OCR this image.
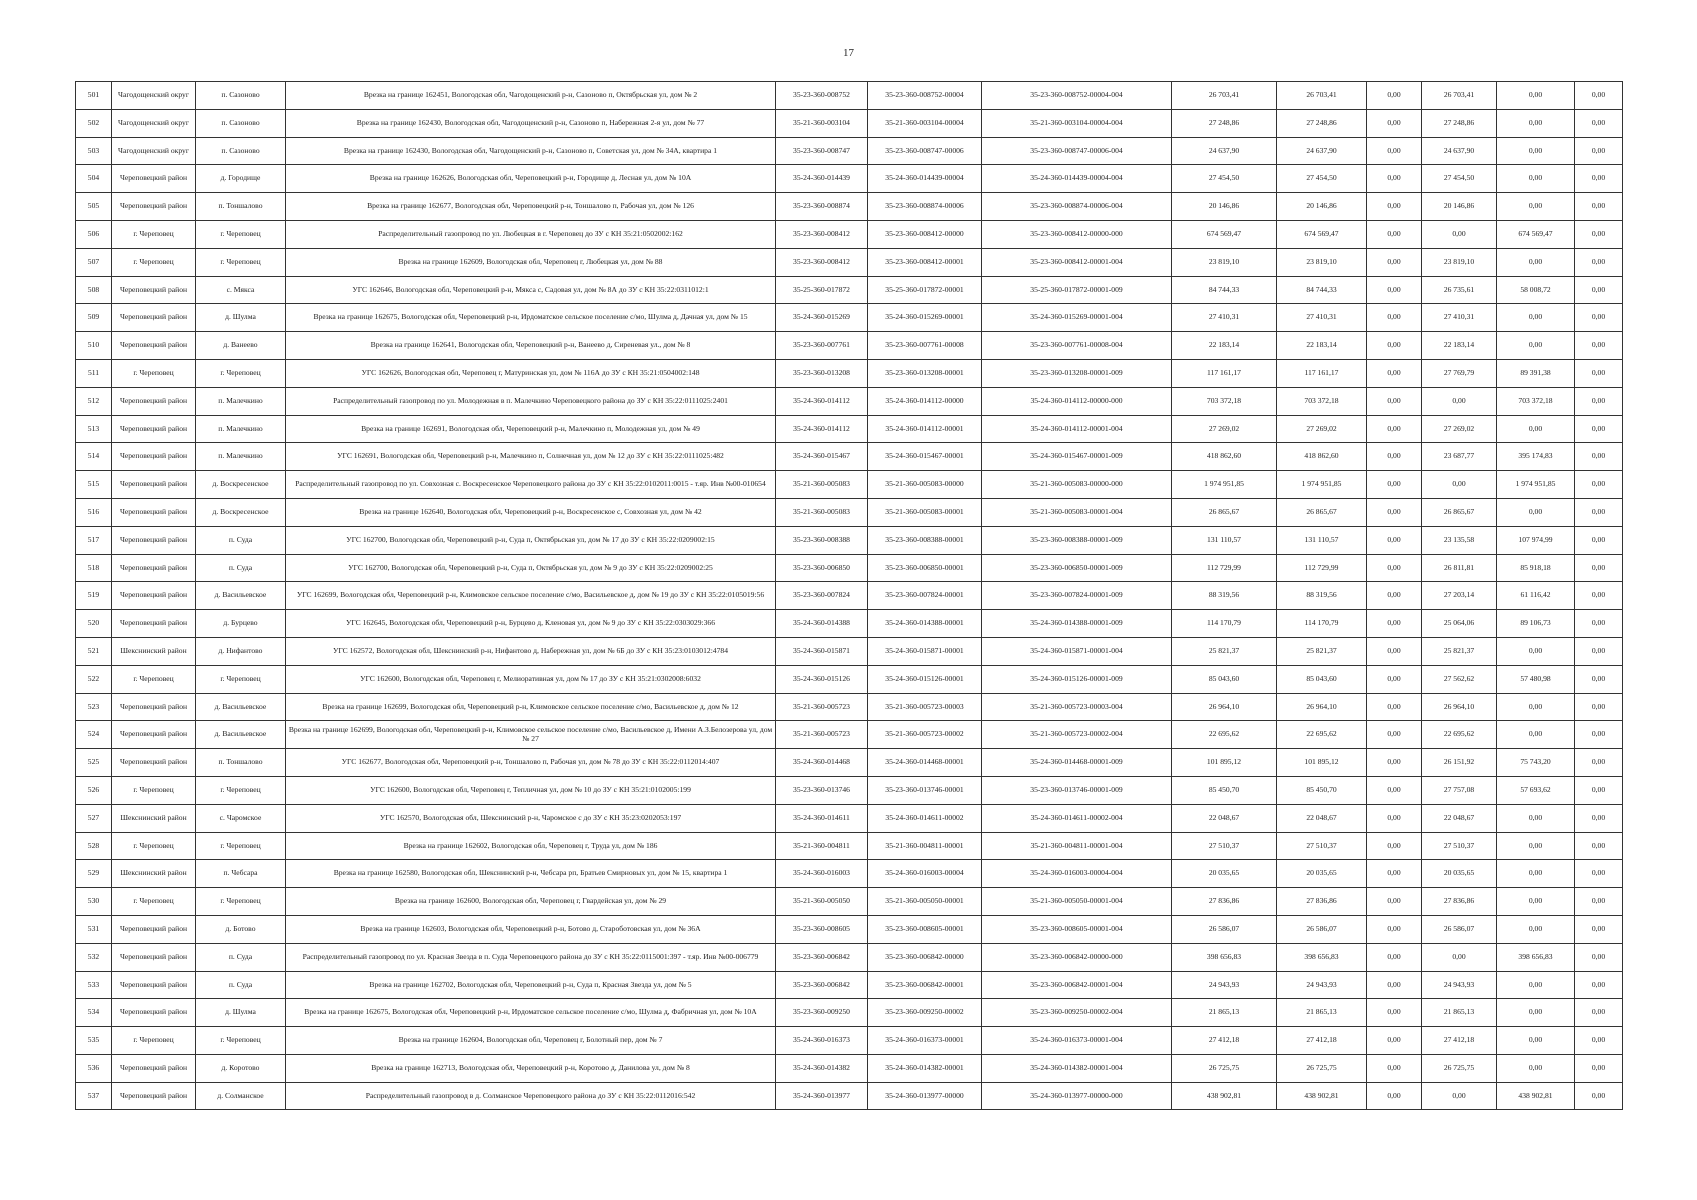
17
501	Чагодощенский округ	п. Сазоново	Врезка на границе 162451, Вологодская обл, Чагодощенский р-н, Сазоново п, Октябрьская ул, дом № 2	35-23-360-008752	35-23-360-008752-00004	35-23-360-008752-00004-004	26 703,41	26 703,41	0,00	26 703,41	0,00	0,00
502	Чагодощенский округ	п. Сазоново	Врезка на границе 162430, Вологодская обл, Чагодощенский р-н, Сазоново п, Набережная 2-я ул, дом № 77	35-21-360-003104	35-21-360-003104-00004	35-21-360-003104-00004-004	27 248,86	27 248,86	0,00	27 248,86	0,00	0,00
503	Чагодощенский округ	п. Сазоново	Врезка на границе 162430, Вологодская обл, Чагодощенский р-н, Сазоново п, Советская ул, дом № 34А, квартира 1	35-23-360-008747	35-23-360-008747-00006	35-23-360-008747-00006-004	24 637,90	24 637,90	0,00	24 637,90	0,00	0,00
504	Череповецкий район	д. Городище	Врезка на границе 162626, Вологодская обл, Череповецкий р-н, Городище д, Лесная ул, дом № 10А	35-24-360-014439	35-24-360-014439-00004	35-24-360-014439-00004-004	27 454,50	27 454,50	0,00	27 454,50	0,00	0,00
505	Череповецкий район	п. Тоншалово	Врезка на границе 162677, Вологодская обл, Череповецкий р-н, Тоншалово п, Рабочая ул, дом № 126	35-23-360-008874	35-23-360-008874-00006	35-23-360-008874-00006-004	20 146,86	20 146,86	0,00	20 146,86	0,00	0,00
506	г. Череповец	г. Череповец	Распределительный газопровод по ул. Любецкая в г. Череповец до ЗУ с КН 35:21:0502002:162	35-23-360-008412	35-23-360-008412-00000	35-23-360-008412-00000-000	674 569,47	674 569,47	0,00	0,00	674 569,47	0,00
507	г. Череповец	г. Череповец	Врезка на границе 162609, Вологодская обл, Череповец г, Любецкая ул, дом № 88	35-23-360-008412	35-23-360-008412-00001	35-23-360-008412-00001-004	23 819,10	23 819,10	0,00	23 819,10	0,00	0,00
508	Череповецкий район	с. Мякса	УГС 162646, Вологодская обл, Череповецкий р-н, Мякса с, Садовая ул, дом № 8А до ЗУ с КН 35:22:0311012:1	35-25-360-017872	35-25-360-017872-00001	35-25-360-017872-00001-009	84 744,33	84 744,33	0,00	26 735,61	58 008,72	0,00
509	Череповецкий район	д. Шулма	Врезка на границе 162675, Вологодская обл, Череповецкий р-н, Ирдоматское сельское поселение с/мо, Шулма д, Дачная ул, дом № 15	35-24-360-015269	35-24-360-015269-00001	35-24-360-015269-00001-004	27 410,31	27 410,31	0,00	27 410,31	0,00	0,00
510	Череповецкий район	д. Ванеево	Врезка на границе 162641, Вологодская обл, Череповецкий р-н, Ванеево д, Сиреневая ул., дом № 8	35-23-360-007761	35-23-360-007761-00008	35-23-360-007761-00008-004	22 183,14	22 183,14	0,00	22 183,14	0,00	0,00
511	г. Череповец	г. Череповец	УГС 162626, Вологодская обл, Череповец г, Матуринская ул, дом № 116А до ЗУ с КН 35:21:0504002:148	35-23-360-013208	35-23-360-013208-00001	35-23-360-013208-00001-009	117 161,17	117 161,17	0,00	27 769,79	89 391,38	0,00
512	Череповецкий район	п. Малечкино	Распределительный газопровод по ул. Молодежная в п. Малечкино Череповецкого района до ЗУ с КН 35:22:0111025:2401	35-24-360-014112	35-24-360-014112-00000	35-24-360-014112-00000-000	703 372,18	703 372,18	0,00	0,00	703 372,18	0,00
513	Череповецкий район	п. Малечкино	Врезка на границе 162691, Вологодская обл, Череповецкий р-н, Малечкино п, Молодежная ул, дом № 49	35-24-360-014112	35-24-360-014112-00001	35-24-360-014112-00001-004	27 269,02	27 269,02	0,00	27 269,02	0,00	0,00
514	Череповецкий район	п. Малечкино	УГС 162691, Вологодская обл, Череповецкий р-н, Малечкино п, Солнечная ул, дом № 12 до ЗУ с КН 35:22:0111025:482	35-24-360-015467	35-24-360-015467-00001	35-24-360-015467-00001-009	418 862,60	418 862,60	0,00	23 687,77	395 174,83	0,00
515	Череповецкий район	д. Воскресенское	Распределительный газопровод по ул. Совхозная с. Воскресенское Череповецкого района до ЗУ с КН 35:22:0102011:0015 - т.яр. Инв №00-010654	35-21-360-005083	35-21-360-005083-00000	35-21-360-005083-00000-000	1 974 951,85	1 974 951,85	0,00	0,00	1 974 951,85	0,00
516	Череповецкий район	д. Воскресенское	Врезка на границе 162640, Вологодская обл, Череповецкий р-н, Воскресенское с, Совхозная ул, дом № 42	35-21-360-005083	35-21-360-005083-00001	35-21-360-005083-00001-004	26 865,67	26 865,67	0,00	26 865,67	0,00	0,00
517	Череповецкий район	п. Суда	УГС 162700, Вологодская обл, Череповецкий р-н, Суда п, Октябрьская ул, дом № 17 до ЗУ с КН 35:22:0209002:15	35-23-360-008388	35-23-360-008388-00001	35-23-360-008388-00001-009	131 110,57	131 110,57	0,00	23 135,58	107 974,99	0,00
518	Череповецкий район	п. Суда	УГС 162700, Вологодская обл, Череповецкий р-н, Суда п, Октябрьская ул, дом № 9 до ЗУ с КН 35:22:0209002:25	35-23-360-006850	35-23-360-006850-00001	35-23-360-006850-00001-009	112 729,99	112 729,99	0,00	26 811,81	85 918,18	0,00
519	Череповецкий район	д. Васильевское	УГС 162699, Вологодская обл, Череповецкий р-н, Климовское сельское поселение с/мо, Васильевское д, дом № 19 до ЗУ с КН 35:22:0105019:56	35-23-360-007824	35-23-360-007824-00001	35-23-360-007824-00001-009	88 319,56	88 319,56	0,00	27 203,14	61 116,42	0,00
520	Череповецкий район	д. Бурцево	УГС 162645, Вологодская обл, Череповецкий р-н, Бурцево д, Кленовая ул, дом № 9 до ЗУ с КН 35:22:0303029:366	35-24-360-014388	35-24-360-014388-00001	35-24-360-014388-00001-009	114 170,79	114 170,79	0,00	25 064,06	89 106,73	0,00
521	Шекснинский район	д. Нифантово	УГС 162572, Вологодская обл, Шекснинский р-н, Нифантово д, Набережная ул, дом № 6Б до ЗУ с КН 35:23:0103012:4784	35-24-360-015871	35-24-360-015871-00001	35-24-360-015871-00001-004	25 821,37	25 821,37	0,00	25 821,37	0,00	0,00
522	г. Череповец	г. Череповец	УГС 162600, Вологодская обл, Череповец г, Мелиоративная ул, дом № 17 до ЗУ с КН 35:21:0302008:6032	35-24-360-015126	35-24-360-015126-00001	35-24-360-015126-00001-009	85 043,60	85 043,60	0,00	27 562,62	57 480,98	0,00
523	Череповецкий район	д. Васильевское	Врезка на границе 162699, Вологодская обл, Череповецкий р-н, Климовское сельское поселение с/мо, Васильевское д, дом № 12	35-21-360-005723	35-21-360-005723-00003	35-21-360-005723-00003-004	26 964,10	26 964,10	0,00	26 964,10	0,00	0,00
524	Череповецкий район	д. Васильевское	Врезка на границе 162699, Вологодская обл, Череповецкий р-н, Климовское сельское поселение с/мо, Васильевское д, Имени А.З.Белозерова ул, дом № 27	35-21-360-005723	35-21-360-005723-00002	35-21-360-005723-00002-004	22 695,62	22 695,62	0,00	22 695,62	0,00	0,00
525	Череповецкий район	п. Тоншалово	УГС 162677, Вологодская обл, Череповецкий р-н, Тоншалово п, Рабочая ул, дом № 78 до ЗУ с КН 35:22:0112014:407	35-24-360-014468	35-24-360-014468-00001	35-24-360-014468-00001-009	101 895,12	101 895,12	0,00	26 151,92	75 743,20	0,00
526	г. Череповец	г. Череповец	УГС 162600, Вологодская обл, Череповец г, Тепличная ул, дом № 10 до ЗУ с КН 35:21:0102005:199	35-23-360-013746	35-23-360-013746-00001	35-23-360-013746-00001-009	85 450,70	85 450,70	0,00	27 757,08	57 693,62	0,00
527	Шекснинский район	с. Чаромское	УГС 162570, Вологодская обл, Шекснинский р-н, Чаромское с до ЗУ с КН 35:23:0202053:197	35-24-360-014611	35-24-360-014611-00002	35-24-360-014611-00002-004	22 048,67	22 048,67	0,00	22 048,67	0,00	0,00
528	г. Череповец	г. Череповец	Врезка на границе 162602, Вологодская обл, Череповец г, Труда ул, дом № 186	35-21-360-004811	35-21-360-004811-00001	35-21-360-004811-00001-004	27 510,37	27 510,37	0,00	27 510,37	0,00	0,00
529	Шекснинский район	п. Чебсара	Врезка на границе 162580, Вологодская обл, Шекснинский р-н, Чебсара рп, Братьев Смирновых ул, дом № 15, квартира 1	35-24-360-016003	35-24-360-016003-00004	35-24-360-016003-00004-004	20 035,65	20 035,65	0,00	20 035,65	0,00	0,00
530	г. Череповец	г. Череповец	Врезка на границе 162600, Вологодская обл, Череповец г, Гвардейская ул, дом № 29	35-21-360-005050	35-21-360-005050-00001	35-21-360-005050-00001-004	27 836,86	27 836,86	0,00	27 836,86	0,00	0,00
531	Череповецкий район	д. Ботово	Врезка на границе 162603, Вологодская обл, Череповецкий р-н, Ботово д, Староботовская ул, дом № 36А	35-23-360-008605	35-23-360-008605-00001	35-23-360-008605-00001-004	26 586,07	26 586,07	0,00	26 586,07	0,00	0,00
532	Череповецкий район	п. Суда	Распределительный газопровод по ул. Красная Звезда в п. Суда Череповецкого района до ЗУ с КН 35:22:0115001:397 - т.яр. Инв №00-006779	35-23-360-006842	35-23-360-006842-00000	35-23-360-006842-00000-000	398 656,83	398 656,83	0,00	0,00	398 656,83	0,00
533	Череповецкий район	п. Суда	Врезка на границе 162702, Вологодская обл, Череповецкий р-н, Суда п, Красная Звезда ул, дом № 5	35-23-360-006842	35-23-360-006842-00001	35-23-360-006842-00001-004	24 943,93	24 943,93	0,00	24 943,93	0,00	0,00
534	Череповецкий район	д. Шулма	Врезка на границе 162675, Вологодская обл, Череповецкий р-н, Ирдоматское сельское поселение с/мо, Шулма д, Фабричная ул, дом № 10А	35-23-360-009250	35-23-360-009250-00002	35-23-360-009250-00002-004	21 865,13	21 865,13	0,00	21 865,13	0,00	0,00
535	г. Череповец	г. Череповец	Врезка на границе 162604, Вологодская обл, Череповец г, Болотный пер, дом № 7	35-24-360-016373	35-24-360-016373-00001	35-24-360-016373-00001-004	27 412,18	27 412,18	0,00	27 412,18	0,00	0,00
536	Череповецкий район	д. Коротово	Врезка на границе 162713, Вологодская обл, Череповецкий р-н, Коротово д, Данилова ул, дом № 8	35-24-360-014382	35-24-360-014382-00001	35-24-360-014382-00001-004	26 725,75	26 725,75	0,00	26 725,75	0,00	0,00
537	Череповецкий район	д. Солманское	Распределительный газопровод в д. Солманское Череповецкого района до ЗУ с КН 35:22:0112016:542	35-24-360-013977	35-24-360-013977-00000	35-24-360-013977-00000-000	438 902,81	438 902,81	0,00	0,00	438 902,81	0,00
